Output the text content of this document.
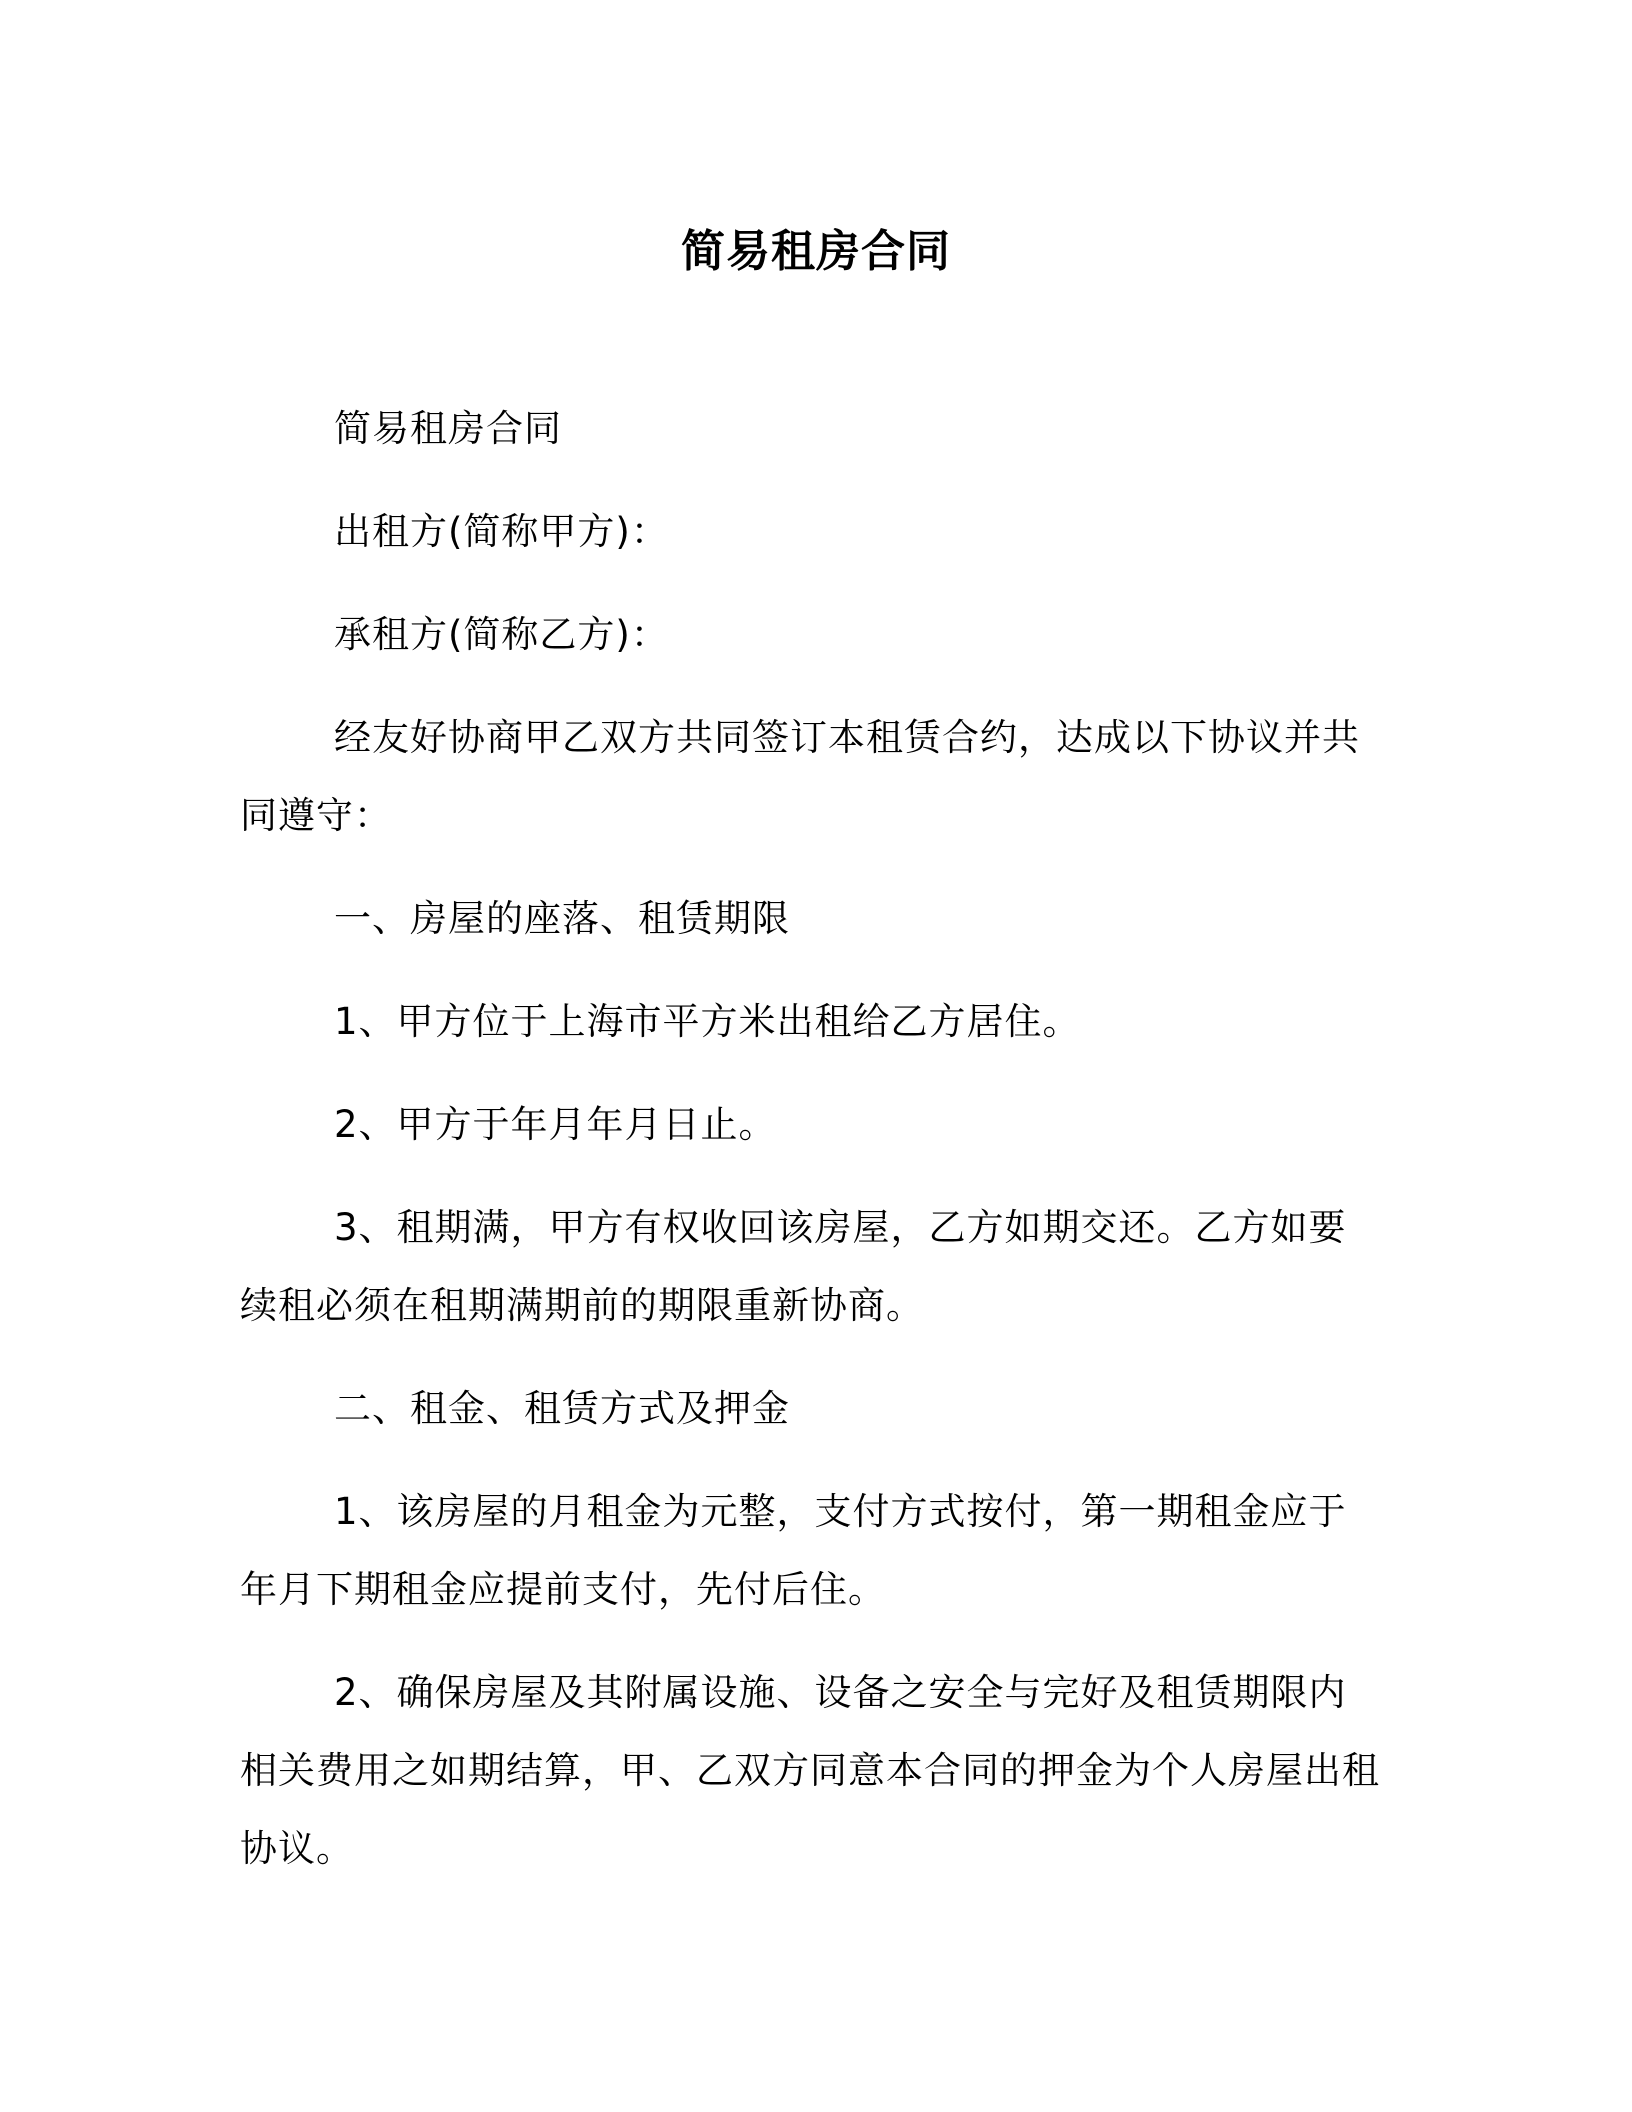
简易租房合同

简易租房合同

出租方(简称甲方)：

承租方(简称乙方)：

经友好协商甲乙双方共同签订本租赁合约，达成以下协议并共同遵守：

一、房屋的座落、租赁期限

1、甲方位于上海市平方米出租给乙方居住。

2、甲方于年月年月日止。

3、租期满，甲方有权收回该房屋，乙方如期交还。乙方如要续租必须在租期满期前的期限重新协商。

二、租金、租赁方式及押金

1、该房屋的月租金为元整，支付方式按付，第一期租金应于年月下期租金应提前支付，先付后住。

2、确保房屋及其附属设施、设备之安全与完好及租赁期限内相关费用之如期结算，甲、乙双方同意本合同的押金为个人房屋出租协议。
